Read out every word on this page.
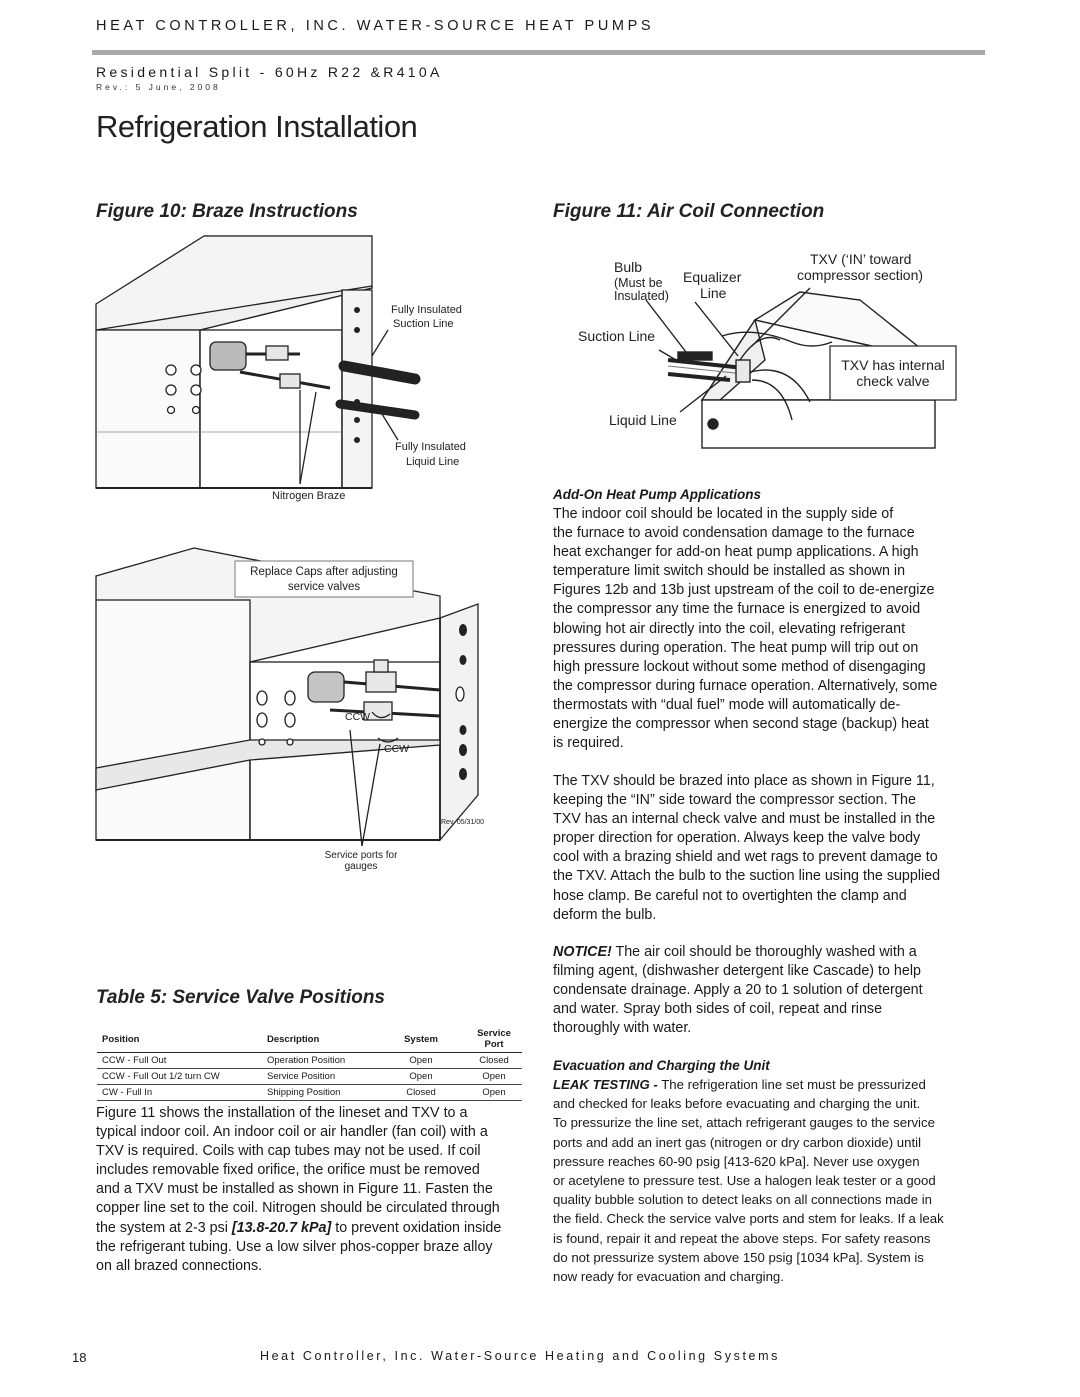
HEAT CONTROLLER, INC. WATER-SOURCE HEAT PUMPS
Residential Split - 60Hz R22 &R410A
Rev.: 5 June, 2008
Refrigeration Installation
Figure 10: Braze Instructions	Figure 11: Air Coil Connection
Table 5: Service Valve Positions
Fully Insulated
Suction Line
Fully Insulated
Liquid Line
Nitrogen Braze
Replace Caps after adjusting
service valves
CCW
CCW
Rev. 05/31/00
Service ports for
gauges
Bulb
(Must be
Insulated)
Equalizer
Line
TXV (‘IN’ toward
compressor section)
Suction Line
Liquid Line
TXV has internal
check valve
Add-On Heat Pump Applications
The indoor coil should be located in the supply side of
the furnace to avoid condensation damage to the furnace
heat exchanger for add-on heat pump applications. A high
temperature limit switch should be installed as shown in
Figures 12b and 13b just upstream of the coil to de-energize
the compressor any time the furnace is energized to avoid
blowing hot air directly into the coil, elevating refrigerant
pressures during operation. The heat pump will trip out on
high pressure lockout without some method of disengaging
the compressor during furnace operation. Alternatively, some
thermostats with “dual fuel” mode will automatically de-
energize the compressor when second stage (backup) heat
is required.
The TXV should be brazed into place as shown in Figure 11,
keeping the “IN” side toward the compressor section. The
TXV has an internal check valve and must be installed in the
proper direction for operation. Always keep the valve body
cool with a brazing shield and wet rags to prevent damage to
the TXV. Attach the bulb to the suction line using the supplied
hose clamp. Be careful not to overtighten the clamp and
deform the bulb.
NOTICE! The air coil should be thoroughly washed with a
filming agent, (dishwasher detergent like Cascade) to help
condensate drainage. Apply a 20 to 1 solution of detergent
and water. Spray both sides of coil, repeat and rinse
thoroughly with water.
Evacuation and Charging the Unit
LEAK TESTING - The refrigeration line set must be pressurized
and checked for leaks before evacuating and charging the unit.
To pressurize the line set, attach refrigerant gauges to the service
ports and add an inert gas (nitrogen or dry carbon dioxide) until
pressure reaches 60-90 psig [413-620 kPa]. Never use oxygen
or acetylene to pressure test. Use a halogen leak tester or a good
quality bubble solution to detect leaks on all connections made in
the field. Check the service valve ports and stem for leaks. If a leak
is found, repair it and repeat the above steps. For safety reasons
do not pressurize system above 150 psig [1034 kPa]. System is
now ready for evacuation and charging.
Position	Description	System	Service Port
CCW - Full Out	Operation Position	Open	Closed
CCW - Full Out 1/2 turn CW	Service Position	Open	Open
CW - Full In	Shipping Position	Closed	Open
Figure 11 shows the installation of the lineset and TXV to a
typical indoor coil. An indoor coil or air handler (fan coil) with a
TXV is required. Coils with cap tubes may not be used. If coil
includes removable fixed orifice, the orifice must be removed
and a TXV must be installed as shown in Figure 11. Fasten the
copper line set to the coil. Nitrogen should be circulated through
the system at 2-3 psi [13.8-20.7 kPa] to prevent oxidation inside
the refrigerant tubing. Use a low silver phos-copper braze alloy
on all brazed connections.
18	Heat Controller, Inc. Water-Source Heating and Cooling Systems
